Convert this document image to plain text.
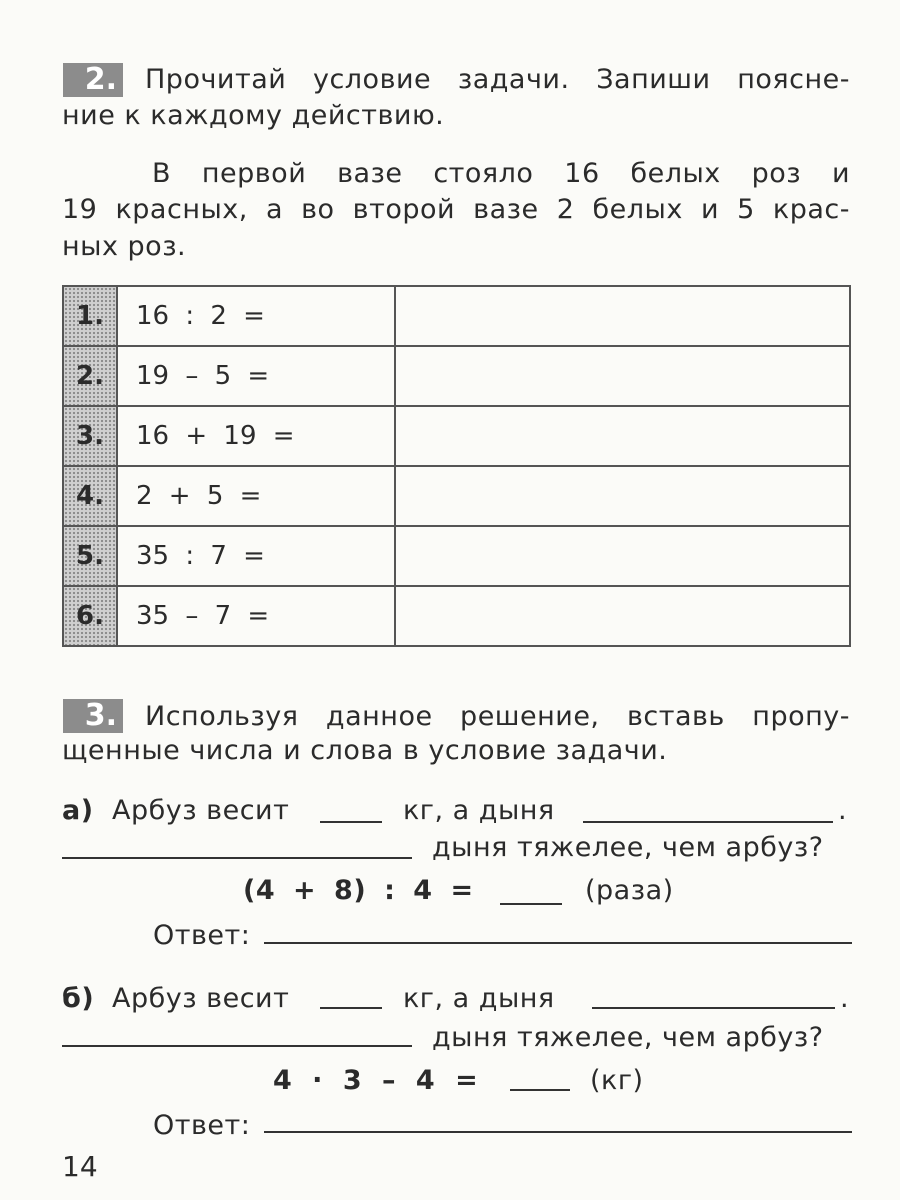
2. Прочитай условие задачи. Запиши поясне-
ние к каждому действию.
В первой вазе стояло 16 белых роз и
19 красных, а во второй вазе 2 белых и 5 крас-
ных роз.
1.	16 : 2 =	
2.	19 – 5 =	
3.	16 + 19 =	
4.	2 + 5 =	
5.	35 : 7 =	
6.	35 – 7 =	
3. Используя данное решение, вставь пропу-
щенные числа и слова в условие задачи.
а) Арбуз весит	кг, а дыня	.
дыня тяжелее, чем арбуз?
(4 + 8) : 4 =	(раза)
Ответ:
б) Арбуз весит	кг, а дыня	.
дыня тяжелее, чем арбуз?
4 · 3 – 4 =	(кг)
Ответ:
14
